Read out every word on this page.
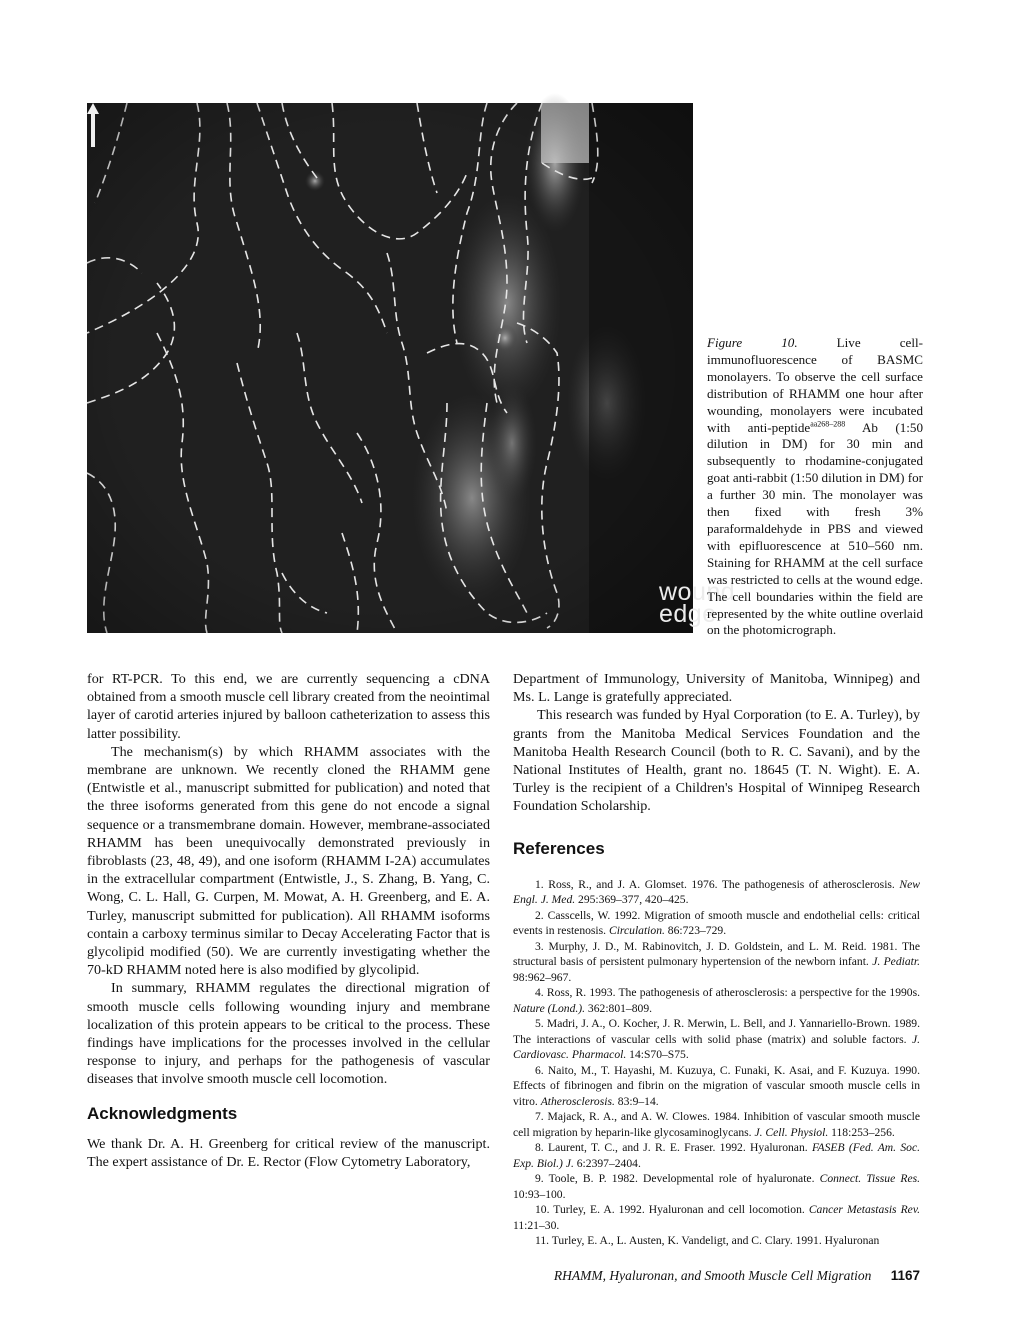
wound
edge
Figure 10.	Live cell-immunofluorescence of BASMC monolayers. To observe the cell surface distribution of RHAMM one hour after wounding, monolayers were incubated with anti-peptide$^{aa268-288}$ Ab (1:50 dilution in DM) for 30 min and subsequently to rhodamine-conjugated goat anti-rabbit (1:50 dilution in DM) for a further 30 min. The monolayer was then fixed with fresh 3% paraformaldehyde in PBS and viewed with epifluorescence at 510–560 nm. Staining for RHAMM at the cell surface was restricted to cells at the wound edge. The cell boundaries within the field are represented by the white outline overlaid on the photomicrograph.

for RT-PCR. To this end, we are currently sequencing a cDNA obtained from a smooth muscle cell library created from the neointimal layer of carotid arteries injured by balloon catheterization to assess this latter possibility.

The mechanism(s) by which RHAMM associates with the membrane are unknown. We recently cloned the RHAMM gene (Entwistle et al., manuscript submitted for publication) and noted that the three isoforms generated from this gene do not encode a signal sequence or a transmembrane domain. However, membrane-associated RHAMM has been unequivocally demonstrated previously in fibroblasts (23, 48, 49), and one isoform (RHAMM I-2A) accumulates in the extracellular compartment (Entwistle, J., S. Zhang, B. Yang, C. Wong, C. L. Hall, G. Curpen, M. Mowat, A. H. Greenberg, and E. A. Turley, manuscript submitted for publication). All RHAMM isoforms contain a carboxy terminus similar to Decay Accelerating Factor that is glycolipid modified (50). We are currently investigating whether the 70-kD RHAMM noted here is also modified by glycolipid.

In summary, RHAMM regulates the directional migration of smooth muscle cells following wounding injury and membrane localization of this protein appears to be critical to the process. These findings have implications for the processes involved in the cellular response to injury, and perhaps for the pathogenesis of vascular diseases that involve smooth muscle cell locomotion.

Acknowledgments

We thank Dr. A. H. Greenberg for critical review of the manuscript. The expert assistance of Dr. E. Rector (Flow Cytometry Laboratory,

Department of Immunology, University of Manitoba, Winnipeg) and Ms. L. Lange is gratefully appreciated.

This research was funded by Hyal Corporation (to E. A. Turley), by grants from the Manitoba Medical Services Foundation and the Manitoba Health Research Council (both to R. C. Savani), and by the National Institutes of Health, grant no. 18645 (T. N. Wight). E. A. Turley is the recipient of a Children's Hospital of Winnipeg Research Foundation Scholarship.

References

1. Ross, R., and J. A. Glomset. 1976. The pathogenesis of atherosclerosis. New Engl. J. Med. 295:369–377, 420–425.

2. Casscells, W. 1992. Migration of smooth muscle and endothelial cells: critical events in restenosis. Circulation. 86:723–729.

3. Murphy, J. D., M. Rabinovitch, J. D. Goldstein, and L. M. Reid. 1981. The structural basis of persistent pulmonary hypertension of the newborn infant. J. Pediatr. 98:962–967.

4. Ross, R. 1993. The pathogenesis of atherosclerosis: a perspective for the 1990s. Nature (Lond.). 362:801–809.

5. Madri, J. A., O. Kocher, J. R. Merwin, L. Bell, and J. Yannariello-Brown. 1989. The interactions of vascular cells with solid phase (matrix) and soluble factors. J. Cardiovasc. Pharmacol. 14:S70–S75.

6. Naito, M., T. Hayashi, M. Kuzuya, C. Funaki, K. Asai, and F. Kuzuya. 1990. Effects of fibrinogen and fibrin on the migration of vascular smooth muscle cells in vitro. Atherosclerosis. 83:9–14.

7. Majack, R. A., and A. W. Clowes. 1984. Inhibition of vascular smooth muscle cell migration by heparin-like glycosaminoglycans. J. Cell. Physiol. 118:253–256.

8. Laurent, T. C., and J. R. E. Fraser. 1992. Hyaluronan. FASEB (Fed. Am. Soc. Exp. Biol.) J. 6:2397–2404.

9. Toole, B. P. 1982. Developmental role of hyaluronate. Connect. Tissue Res. 10:93–100.

10. Turley, E. A. 1992. Hyaluronan and cell locomotion. Cancer Metastasis Rev. 11:21–30.

11. Turley, E. A., L. Austen, K. Vandeligt, and C. Clary. 1991. Hyaluronan

RHAMM, Hyaluronan, and Smooth Muscle Cell Migration 1167
